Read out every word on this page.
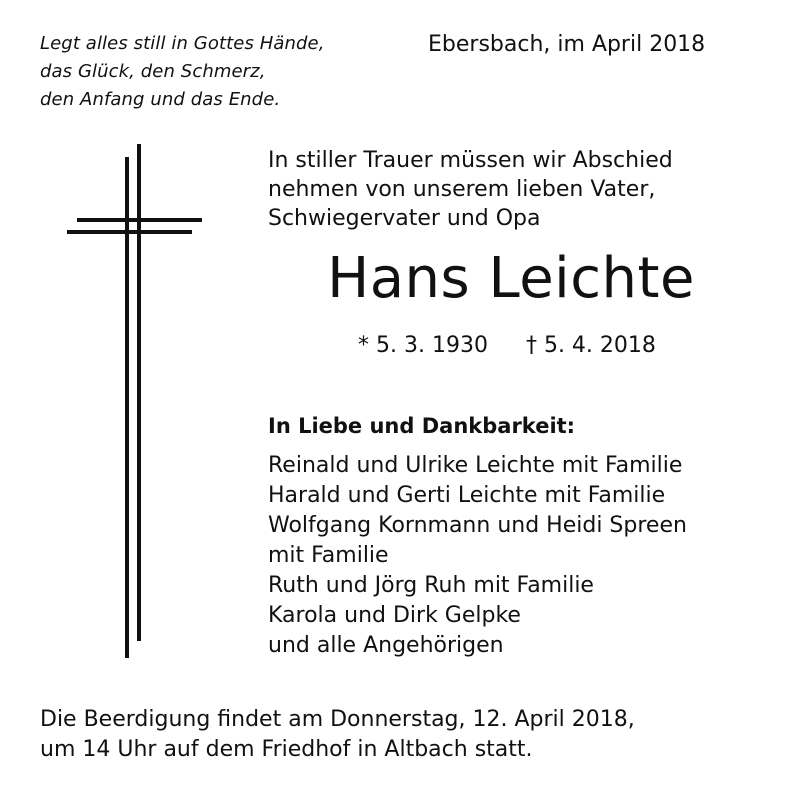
Legt alles still in Gottes Hände,
das Glück, den Schmerz,
den Anfang und das Ende.
Ebersbach, im April 2018
In stiller Trauer müssen wir Abschied
nehmen von unserem lieben Vater,
Schwiegervater und Opa
Hans Leichte
* 5. 3. 1930 † 5. 4. 2018
In Liebe und Dankbarkeit:
Reinald und Ulrike Leichte mit Familie
Harald und Gerti Leichte mit Familie
Wolfgang Kornmann und Heidi Spreen
mit Familie
Ruth und Jörg Ruh mit Familie
Karola und Dirk Gelpke
und alle Angehörigen
Die Beerdigung findet am Donnerstag, 12. April 2018,
um 14 Uhr auf dem Friedhof in Altbach statt.
